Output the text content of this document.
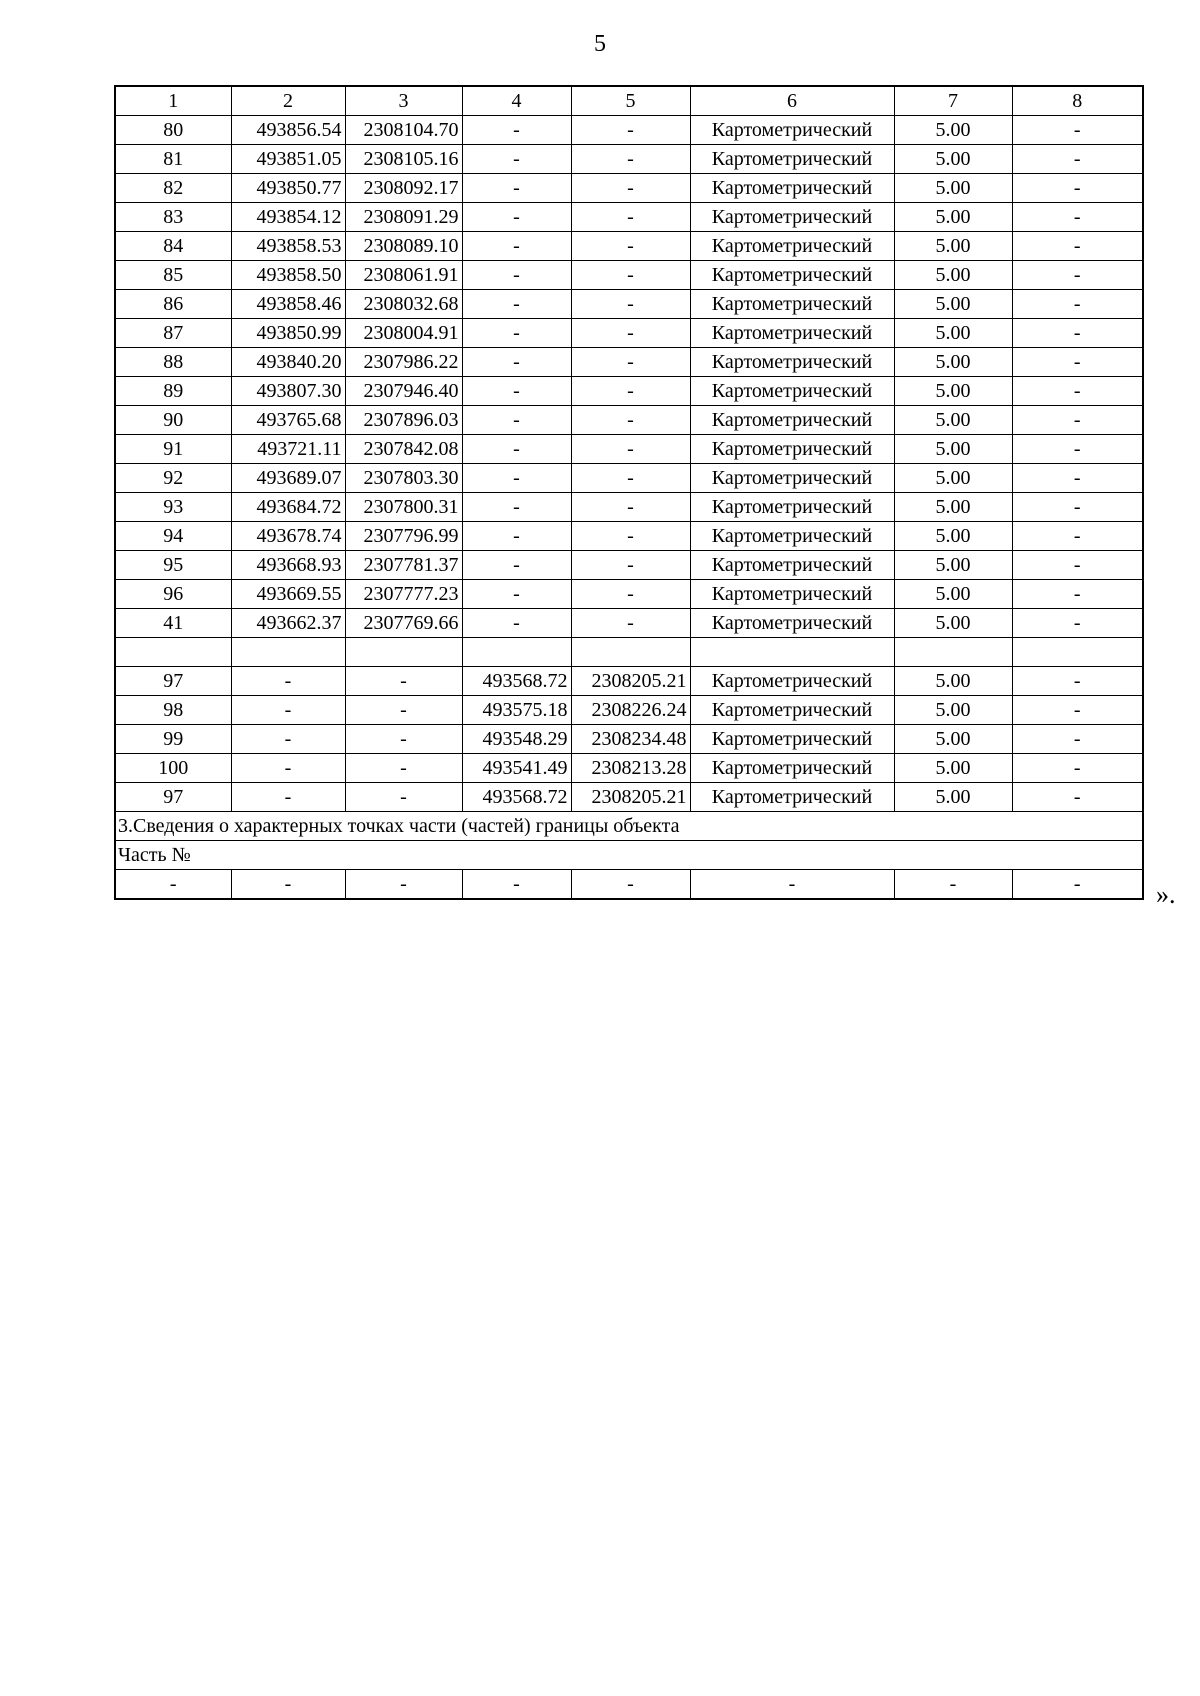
5
1	2	3	4	5	6	7	8
80	493856.54	2308104.70	-	-	Картометрический	5.00	-
81	493851.05	2308105.16	-	-	Картометрический	5.00	-
82	493850.77	2308092.17	-	-	Картометрический	5.00	-
83	493854.12	2308091.29	-	-	Картометрический	5.00	-
84	493858.53	2308089.10	-	-	Картометрический	5.00	-
85	493858.50	2308061.91	-	-	Картометрический	5.00	-
86	493858.46	2308032.68	-	-	Картометрический	5.00	-
87	493850.99	2308004.91	-	-	Картометрический	5.00	-
88	493840.20	2307986.22	-	-	Картометрический	5.00	-
89	493807.30	2307946.40	-	-	Картометрический	5.00	-
90	493765.68	2307896.03	-	-	Картометрический	5.00	-
91	493721.11	2307842.08	-	-	Картометрический	5.00	-
92	493689.07	2307803.30	-	-	Картометрический	5.00	-
93	493684.72	2307800.31	-	-	Картометрический	5.00	-
94	493678.74	2307796.99	-	-	Картометрический	5.00	-
95	493668.93	2307781.37	-	-	Картометрический	5.00	-
96	493669.55	2307777.23	-	-	Картометрический	5.00	-
41	493662.37	2307769.66	-	-	Картометрический	5.00	-

97	-	-	493568.72	2308205.21	Картометрический	5.00	-
98	-	-	493575.18	2308226.24	Картометрический	5.00	-
99	-	-	493548.29	2308234.48	Картометрический	5.00	-
100	-	-	493541.49	2308213.28	Картометрический	5.00	-
97	-	-	493568.72	2308205.21	Картометрический	5.00	-
3.Сведения о характерных точках части (частей) границы объекта							
Часть №							
-	-	-	-	-	-	-	-	».
